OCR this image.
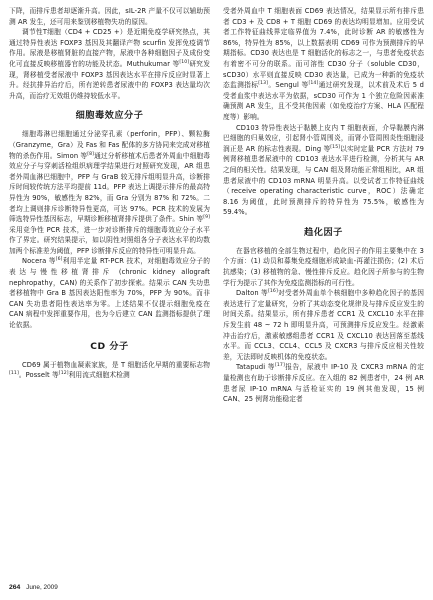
下降，而排斥患者却逐渐升高。因此，sIL-2R 产量不仅可以辅助预测 AR 发生，还可用来鉴别移植物失功的原因。

调节性T细胞（CD4 + CD25 +）是近期免疫学研究热点，其通过特异性表达 FOXP3 基因及其翻译产物 scurfin 发挥免疫调节作用。尿液是移植肾脏的直接产物，尿液中各种细胞因子及成份变化可直接反映移植器官的功能及状态。Muthukumar 等[10]研究发现，肾移植受者尿液中 FOXP3 基因表达水平在排斥反应时显著上升。经抗排异治疗后，所有逆转患者尿液中的 FOXP3 表达量均次升高，而治疗无效组仍维持较低水平。

细胞毒效应分子

细胞毒淋巴细胞通过分泌穿孔素（perforin，PFP）、颗粒酶（Granzyme，Gra）及 Fas 和 Fas 配体的多方协同来完成对移植物的杀伤作用。Simon 等[8]通过分析移植术后患者外周血中细胞毒效应分子与穿刺活检组织病理学结果进行对照研究发现，AR 组患者外周血淋巴细胞中，PFP 与 GraB 较无排斥组明显升高，诊断排斥时间较传统方法平均提前 11d。PFP 表达上调提示排斥的最高特异性为 90%，敏感性为 82%，而 Gra 分别为 87% 和 72%。二者均上调则排斥诊断特异性更高，可达 97%。PCR 技术的发展为筛选特异性基因标志，早期诊断移植肾排斥提供了条件。Shin 等[9]采用竞争性 PCR 技术，进一步对诊断排斥的细胞毒效应分子水平作了界定。研究结果提示，如以阴性对照组各分子表达水平的均数加两个标准差为阈值，PFP 诊断排斥反应的特异性可明显升高。

Nocera 等[6]利用半定量 RT-PCR 技术，对细胞毒效应分子的表达与慢性移植肾排斥 (chronic kidney allograft nephropathy，CAN) 的关系作了初步探索。结果示 CAN 失功患者移植物中 Gra B 基因表达阳性率为 70%，PFP 为 90%。而非 CAN 失功患者阳性表达率为零。上述结果不仅提示细胞免疫在 CAN 病程中发挥重要作用，也为今后建立 CAN 监测指标提供了理论依据。

CD 分子

CD69 属于植物血凝素家族，是 T 细胞活化早期的重要标志物[11]。Posselt 等[12]利用流式细胞术检测

受者外周血中 T 细胞表面 CD69 表达情况，结果显示所有排斥患者 CD3 + 及 CD8 + T 细胞 CD69 的表达均明显增加。应用受试者工作特征曲线界定临界值为 7.4%，此时诊断 AR 的敏感性为 86%，特异性为 85%，以上数据表明 CD69 可作为预测排斥的早期指标。CD30 表达也是 T 细胞活化的标志之一，与患者免疫状态有着密不可分的联系。而可溶性 CD30 分子（soluble CD30，sCD30）水平则直接反映 CD30 表达量，已成为一种新的免疫状态监测指标[13]。Sengul 等[14]通过研究发现，以术前及术后 5 d 受者血浆中表达水平为依据，sCD30 可作为 1 个独立危险因素准确预测 AR 发生，且不受其他因素（如免疫治疗方案、HLA 匹配程度等）影响。

CD103 特异性表达于黏膜上皮内 T 细胞表面，介导黏膜内淋巴细胞的归巢效应，引起肾小管周围炎，而肾小管周围炎性细胞浸润正是 AR 的标志性表现。Ding 等[15]以实时定量 PCR 方法对 79 例肾移植患者尿液中的 CD103 表达水平进行检测，分析其与 AR 之间的相关性。结果发现，与 CAN 组及肾功能正常组相比，AR 组患者尿液中的 CD103 mRNA 明显升高。以受试者工作特征曲线（receive operating characteristic curve，ROC）法确定 8.16 为阈值，此时预测排斥的特异性为 75.5%，敏感性为 59.4%。

趋化因子

在器官移植的全部生物过程中，趋化因子的作用主要集中在 3 个方面：(1) 动员和募集免疫细胞形成缺血-再灌注损伤；(2) 术后抗感染；(3) 移植物的急、慢性排斥反应。趋化因子所参与的生物学行为提示了其作为免疫监测指标的可行性。

Dalton 等[16]对受者外周血单个核细胞中多种趋化因子的基因表达进行了定量研究，分析了其动态变化规律及与排斥反应发生的时间关系。结果显示，所有排斥患者 CCR1 及 CXCL10 水平在排斥发生前 48 ~ 72 h 即明显升高，可预测排斥反应发生。经激素冲击治疗后，激素敏感组患者 CCR1 及 CXCL10 表达回落至基线水平。而 CCL3、CCL4、CCL5 及 CXCR3 与排斥反应相关性较差，无法即时反映机体的免疫状态。

Tatapudi 等[17]报告，尿液中 IP-10 及 CXCR3 mRNA 的定量检测也有助于诊断排斥反应。在入组的 82 例患者中，24 例 AR 患者尿 IP-10 mRNA 与活检证实的 19 例其他发现，15 例 CAN、25 例肾功能稳定者

264 June, 2009
